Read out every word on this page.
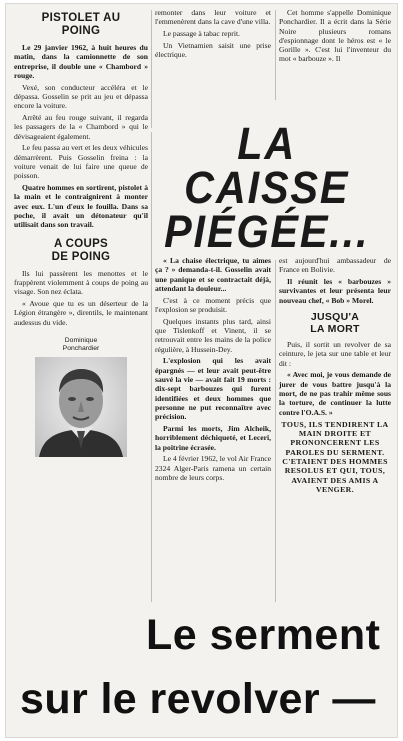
PISTOLET AU POING

Le 29 janvier 1962, à huit heures du matin, dans la camionnette de son entreprise, il double une « Chambord » rouge.

Vexé, son conducteur accéléra et le dépassa. Gosselin se prit au jeu et dépassa encore la voiture.

Arrêté au feu rouge suivant, il regarda les passagers de la « Chambord » qui le dévisageaient également.

Le feu passa au vert et les deux véhicules démarrèrent. Puis Gosselin freina : la voiture venait de lui faire une queue de poisson.

Quatre hommes en sortirent, pistolet à la main et le contraignirent à monter avec eux. L'un d'eux le fouilla. Dans sa poche, il avait un détonateur qu'il utilisait dans son travail.

A COUPS DE POING

Ils lui passèrent les menottes et le frappèrent violemment à coups de poing au visage. Son nez éclata.

« Avoue que tu es un déserteur de la Légion étrangère », direntils, le maintenant audessus du vide.

Dominique Ponchardier

remonter dans leur voiture et l'emmenèrent dans la cave d'une villa.

Le passage à tabac reprit.

Un Vietnamien saisit une prise électrique.

Cet homme s'appelle Dominique Ponchardier. Il a écrit dans la Série Noire plusieurs romans d'espionnage dont le héros est « le Gorille ». C'est lui l'inventeur du mot « barbouze ». Il

LA CAISSE
PIÉGÉE...

« La chaise électrique, tu aimes ça ? » demanda-t-il. Gosselin avait une panique et se contractait déjà, attendant la douleur...

C'est à ce moment précis que l'explosion se produisit.

Quelques instants plus tard, ainsi que Tislenkoff et Vinent, il se retrouvait entre les mains de la police régulière, à Hussein-Dey.

L'explosion qui les avait épargnés — et leur avait peut-être sauvé la vie — avait fait 19 morts : dix-sept barbouzes qui furent identifiées et deux hommes que personne ne put reconnaître avec précision.

Parmi les morts, Jim Alcheik, horriblement déchiqueté, et Leceri, la poitrine écrasée.

Le 4 février 1962, le vol Air France 2324 Alger-Paris ramena un certain nombre de leurs corps.

est aujourd'hui ambassadeur de France en Bolivie.

Il réunit les « barbouzes » survivantes et leur présenta leur nouveau chef, « Bob » Morel.

JUSQU'A LA MORT

Puis, il sortit un revolver de sa ceinture, le jeta sur une table et leur dit :

« Avec moi, je vous demande de jurer de vous battre jusqu'à la mort, de ne pas trahir même sous la torture, de continuer la lutte contre l'O.A.S. »

TOUS, ILS TENDIRENT LA MAIN DROITE ET PRONONCERENT LES PAROLES DU SERMENT. C'ETAIENT DES HOMMES RESOLUS ET QUI, TOUS, AVAIENT DES AMIS A VENGER.
Le serment
sur le revolver —
